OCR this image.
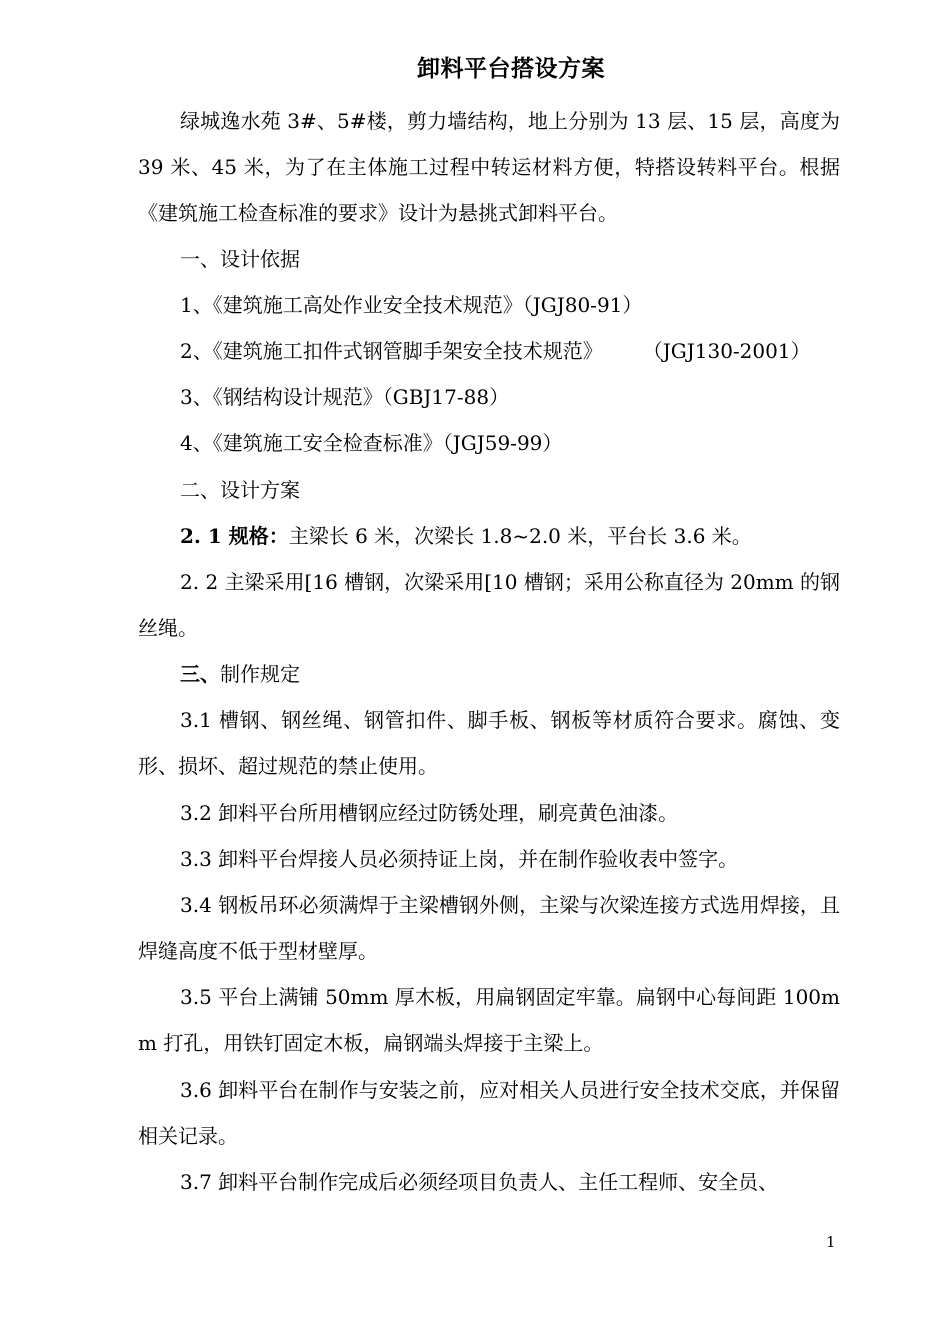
卸料平台搭设方案

绿城逸水苑 3#、5#楼，剪力墙结构，地上分别为 13 层、15 层，高度为 39 米、45 米，为了在主体施工过程中转运材料方便，特搭设转料平台。根据《建筑施工检查标准的要求》设计为悬挑式卸料平台。

一、设计依据

1、《建筑施工高处作业安全技术规范》（JGJ80-91）

2、《建筑施工扣件式钢管脚手架安全技术规范》 （JGJ130-2001）

3、《钢结构设计规范》（GBJ17-88）

4、《建筑施工安全检查标准》（JGJ59-99）

二、设计方案

2. 1 规格：主梁长 6 米，次梁长 1.8~2.0 米，平台长 3.6 米。

2. 2 主梁采用[16 槽钢，次梁采用[10 槽钢；采用公称直径为 20mm 的钢丝绳。

三、制作规定

3.1 槽钢、钢丝绳、钢管扣件、脚手板、钢板等材质符合要求。腐蚀、变形、损坏、超过规范的禁止使用。

3.2 卸料平台所用槽钢应经过防锈处理，刷亮黄色油漆。

3.3 卸料平台焊接人员必须持证上岗，并在制作验收表中签字。

3.4 钢板吊环必须满焊于主梁槽钢外侧，主梁与次梁连接方式选用焊接，且焊缝高度不低于型材壁厚。

3.5 平台上满铺 50mm 厚木板，用扁钢固定牢靠。扁钢中心每间距 100mm 打孔，用铁钉固定木板，扁钢端头焊接于主梁上。

3.6 卸料平台在制作与安装之前，应对相关人员进行安全技术交底，并保留相关记录。

3.7 卸料平台制作完成后必须经项目负责人、主任工程师、安全员、

1
